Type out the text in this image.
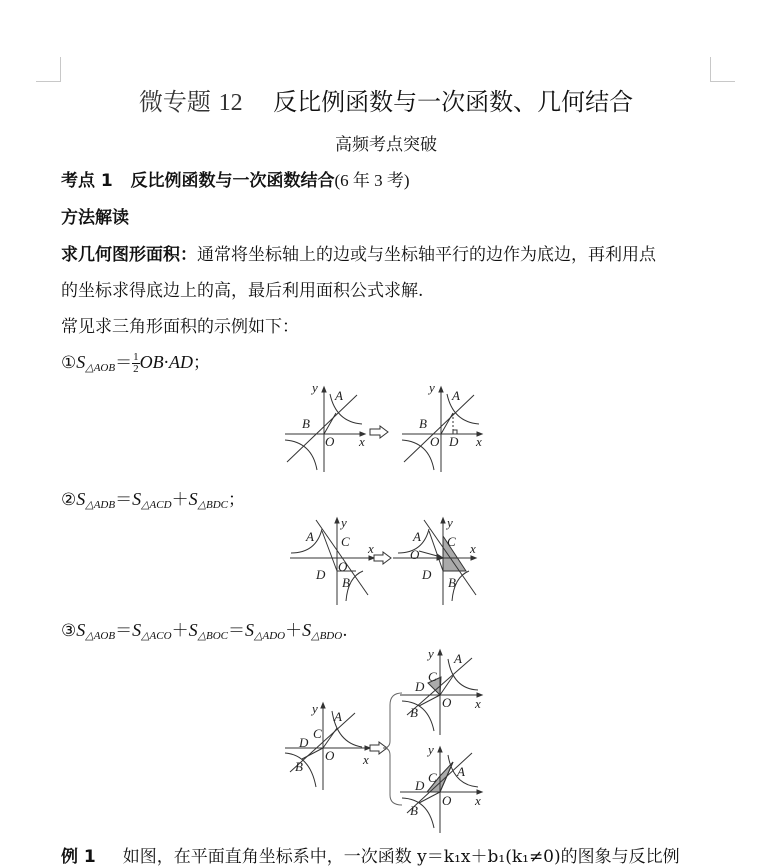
微专题 12 反比例函数与一次函数、几何结合
高频考点突破
考点 1 反比例函数与一次函数结合(6 年 3 考)
方法解读
求几何图形面积：通常将坐标轴上的边或与坐标轴平行的边作为底边，再利用点
的坐标求得底边上的高，最后利用面积公式求解.
常见求三角形面积的示例如下：
$①S_{\triangle AOB}= \frac{1}{2} OB\cdot AD$；
y
A
B
O x
y
A
B
O D x
$②S_{\triangle ADB}=S_{\triangle ACD}+S_{\triangle BDC}$；
y
A C x
O
D
B
y
A C x
O
D
B
$③S_{\triangle AOB}=S_{\triangle ACO}+S_{\triangle BOC}=S_{\triangle ADO}+S_{\triangle BDO}$.
y
A
C
D
O
B	x
y A
C
D
O
B
x
y
A
C
D
O
B
x
例 1 如图，在平面直角坐标系中，一次函数 y＝k₁x＋b₁(k₁≠0)的图象与反比例
